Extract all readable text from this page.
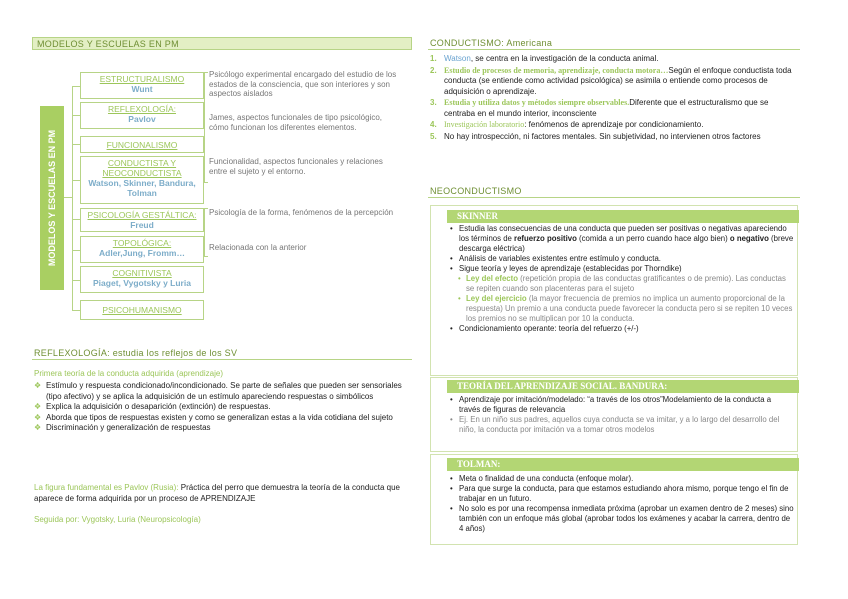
MODELOS Y ESCUELAS EN PM
MODELOS Y ESCUELAS EN PM
ESTRUCTURALISMO
Wunt
REFLEXOLOGÍA:
Pavlov
FUNCIONALISMO
CONDUCTISTA Y NEOCONDUCTISTA
Watson, Skinner, Bandura, Tolman
PSICOLOGÍA GESTÁLTICA:
Freud
TOPOLÓGICA:
Adler,Jung, Fromm…
COGNITIVISTA
Piaget, Vygotsky y Luria
PSICOHUMANISMO
Psicólogo experimental encargado del estudio de los estados de la consciencia, que son interiores y son aspectos aislados
James, aspectos funcionales de tipo psicológico, cómo funcionan los diferentes elementos.
Funcionalidad, aspectos funcionales y relaciones entre el sujeto y el entorno.
Psicología de la forma, fenómenos de la percepción
Relacionada con la anterior
REFLEXOLOGÍA: estudia los reflejos de los SV
Primera teoría de la conducta adquirida (aprendizaje)
❖ Estímulo y respuesta condicionado/incondicionado. Se parte de señales que pueden ser sensoriales (tipo afectivo) y se aplica la adquisición de un estímulo apareciendo respuestas o simbólicos
❖ Explica la adquisición o desaparición (extinción) de respuestas.
❖ Aborda que tipos de respuestas existen y como se generalizan estas a la vida cotidiana del sujeto
❖ Discriminación y generalización de respuestas
La figura fundamental es Pavlov (Rusia): Práctica del perro que demuestra la teoría de la conducta que aparece de forma adquirida por un proceso de APRENDIZAJE
Seguida por: Vygotsky, Luria (Neuropsicología)
CONDUCTISMO: Americana
1. Watson, se centra en la investigación de la conducta animal.
2. Estudio de procesos de memoria, aprendizaje, conducta motora…Según el enfoque conductista toda conducta (se entiende como actividad psicológica) se asimila o entiende como procesos de adquisición o aprendizaje.
3. Estudia y utiliza datos y métodos siempre observables.Diferente que el estructuralismo que se centraba en el mundo interior, inconsciente
4. Investigación laboratorio: fenómenos de aprendizaje por condicionamiento.
5. No hay introspección, ni factores mentales. Sin subjetividad, no intervienen otros factores
NEOCONDUCTISMO
SKINNER
• Estudia las consecuencias de una conducta que pueden ser positivas o negativas apareciendo los términos de refuerzo positivo (comida a un perro cuando hace algo bien) o negativo (breve descarga eléctrica)
• Análisis de variables existentes entre estímulo y conducta.
• Sigue teoría y leyes de aprendizaje (establecidas por Thorndike)
• Ley del efecto (repetición propia de las conductas gratificantes o de premio). Las conductas se repiten cuando son placenteras para el sujeto
• Ley del ejercicio (la mayor frecuencia de premios no implica un aumento proporcional de la respuesta) Un premio a una conducta puede favorecer la conducta pero si se repiten 10 veces los premios no se multiplican por 10 la conducta.
• Condicionamiento operante: teoría del refuerzo (+/-)
TEORÍA DEL APRENDIZAJE SOCIAL. BANDURA:
• Aprendizaje por imitación/modelado: “a través de los otros”Modelamiento de la conducta a través de figuras de relevancia
• Ej. En un niño sus padres, aquellos cuya conducta se va imitar, y a lo largo del desarrollo del niño, la conducta por imitación va a tomar otros modelos
TOLMAN:
• Meta o finalidad de una conducta (enfoque molar).
• Para que surge la conducta, para que estamos estudiando ahora mismo, porque tengo el fin de trabajar en un futuro.
• No solo es por una recompensa inmediata próxima (aprobar un examen dentro de 2 meses) sino también con un enfoque más global (aprobar todos los exámenes y acabar la carrera, dentro de 4 años)
